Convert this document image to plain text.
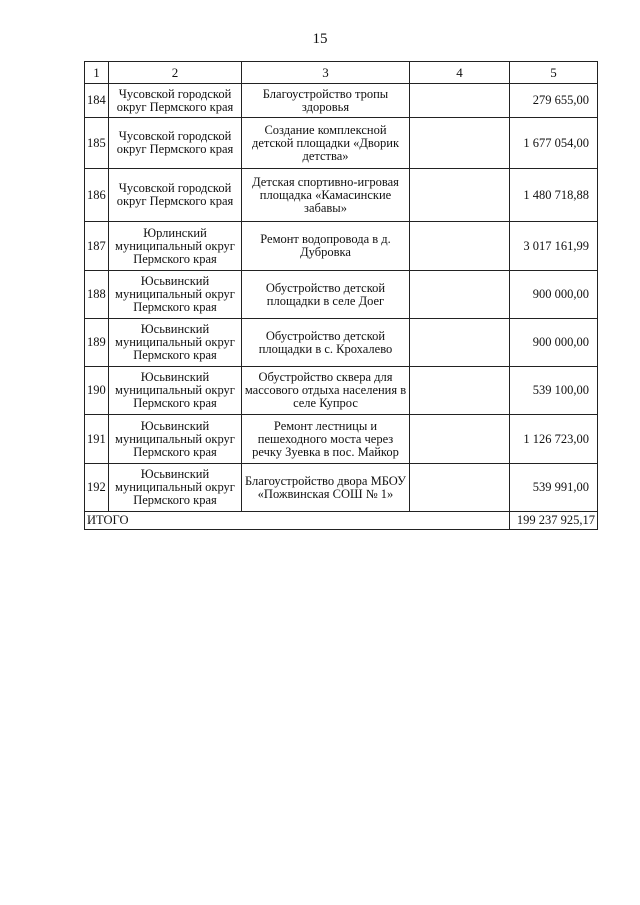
15
1	2	3	4	5
184	Чусовской городской округ Пермского края	Благоустройство тропы здоровья		279 655,00
185	Чусовской городской округ Пермского края	Создание комплексной детской площадки «Дворик детства»		1 677 054,00
186	Чусовской городской округ Пермского края	Детская спортивно-игровая площадка «Камасинские забавы»		1 480 718,88
187	Юрлинский муниципальный округ Пермского края	Ремонт водопровода в д. Дубровка		3 017 161,99
188	Юсьвинский муниципальный округ Пермского края	Обустройство детской площадки в селе Доег		900 000,00
189	Юсьвинский муниципальный округ Пермского края	Обустройство детской площадки в с. Крохалево		900 000,00
190	Юсьвинский муниципальный округ Пермского края	Обустройство сквера для массового отдыха населения в селе Купрос		539 100,00
191	Юсьвинский муниципальный округ Пермского края	Ремонт лестницы и пешеходного моста через речку Зуевка в пос. Майкор		1 126 723,00
192	Юсьвинский муниципальный округ Пермского края	Благоустройство двора МБОУ «Пожвинская СОШ № 1»		539 991,00
ИТОГО				199 237 925,17
